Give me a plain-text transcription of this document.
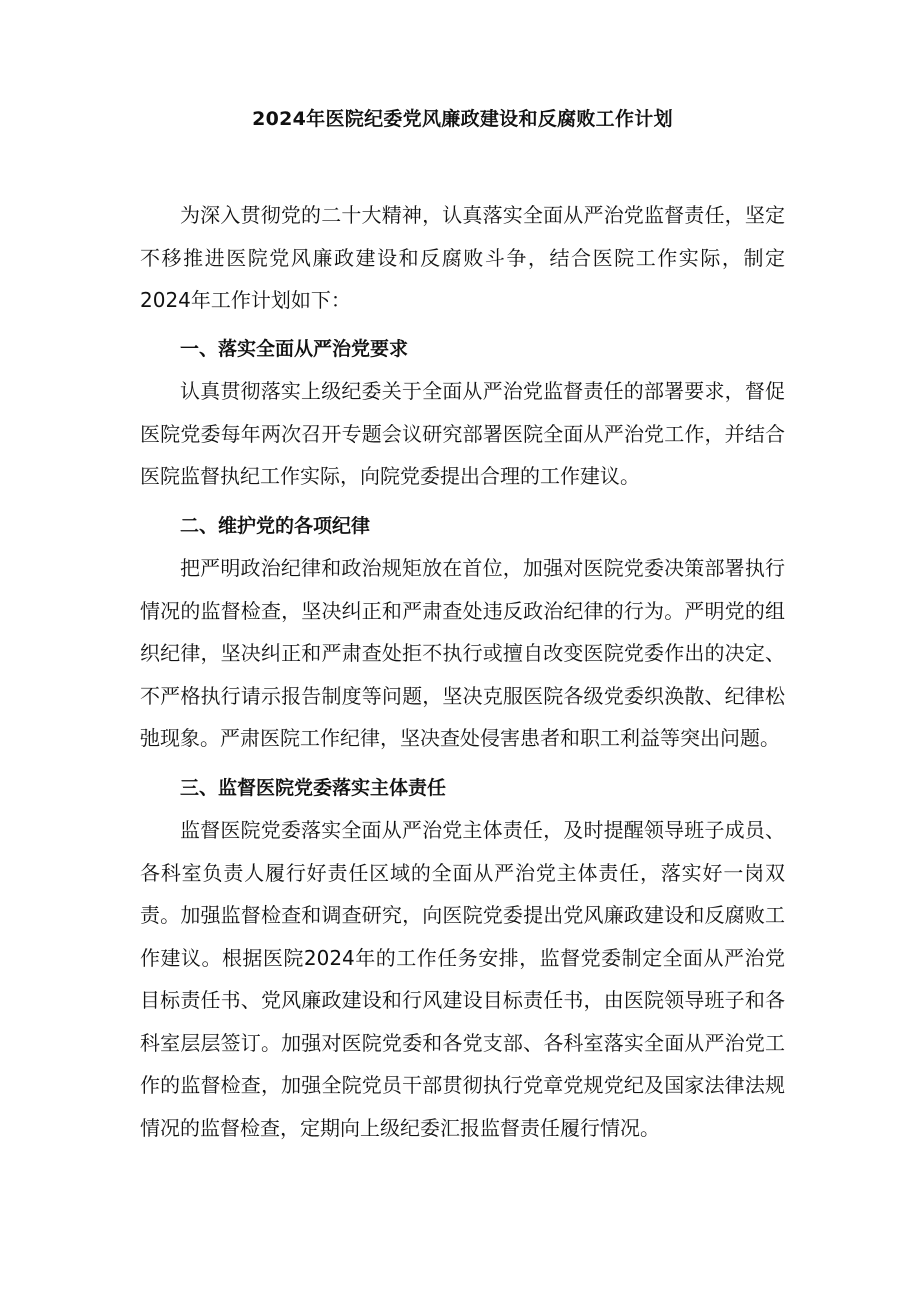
2024年医院纪委党风廉政建设和反腐败工作计划

为深入贯彻党的二十大精神，认真落实全面从严治党监督责任，坚定不移推进医院党风廉政建设和反腐败斗争，结合医院工作实际，制定2024年工作计划如下：

一、落实全面从严治党要求

认真贯彻落实上级纪委关于全面从严治党监督责任的部署要求，督促医院党委每年两次召开专题会议研究部署医院全面从严治党工作，并结合医院监督执纪工作实际，向院党委提出合理的工作建议。

二、维护党的各项纪律

把严明政治纪律和政治规矩放在首位，加强对医院党委决策部署执行情况的监督检查，坚决纠正和严肃查处违反政治纪律的行为。严明党的组织纪律，坚决纠正和严肃查处拒不执行或擅自改变医院党委作出的决定、不严格执行请示报告制度等问题，坚决克服医院各级党委织涣散、纪律松弛现象。严肃医院工作纪律，坚决查处侵害患者和职工利益等突出问题。

三、监督医院党委落实主体责任

监督医院党委落实全面从严治党主体责任，及时提醒领导班子成员、各科室负责人履行好责任区域的全面从严治党主体责任，落实好一岗双责。加强监督检查和调查研究，向医院党委提出党风廉政建设和反腐败工作建议。根据医院2024年的工作任务安排，监督党委制定全面从严治党目标责任书、党风廉政建设和行风建设目标责任书，由医院领导班子和各科室层层签订。加强对医院党委和各党支部、各科室落实全面从严治党工作的监督检查，加强全院党员干部贯彻执行党章党规党纪及国家法律法规情况的监督检查，定期向上级纪委汇报监督责任履行情况。
